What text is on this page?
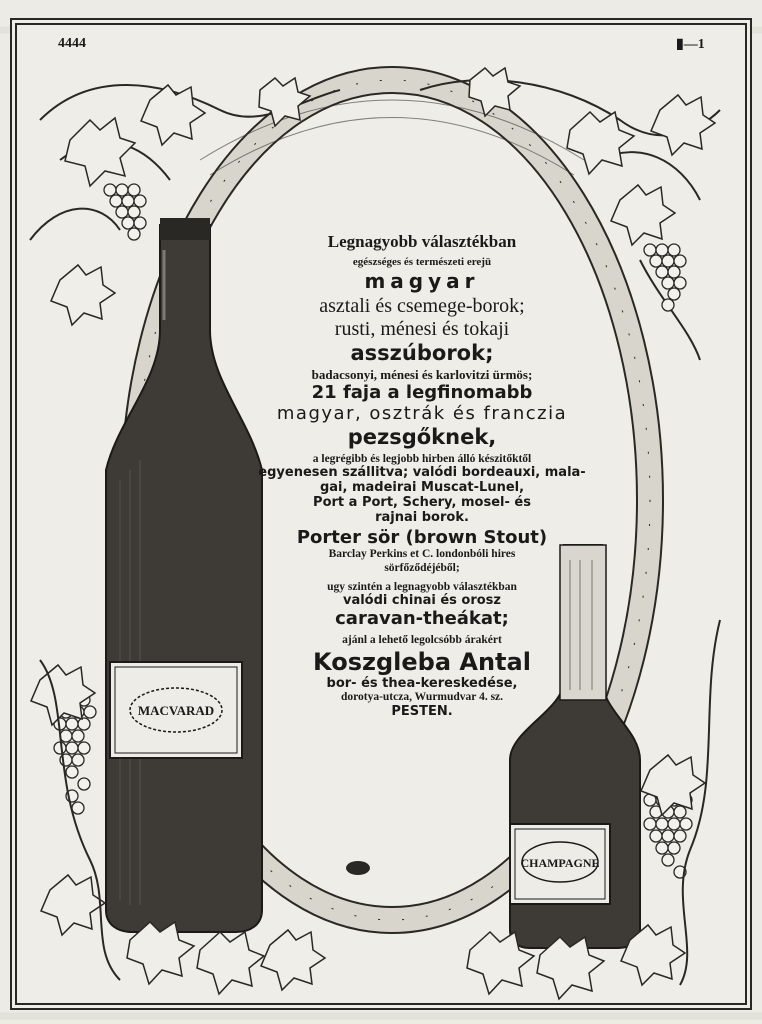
4444	▮—1
MACVARAD
CHAMPAGNE
Legnagyobb választékban
egészséges és természeti erejü
magyar
asztali és csemege-borok;
rusti, ménesi és tokaji
asszúborok;
badacsonyi, ménesi és karlovitzi ürmös;
21 faja a legfinomabb
magyar, osztrák és franczia
pezsgőknek,
a legrégibb és legjobb hirben álló készitőktől
egyenesen szállitva; valódi bordeauxi, mala-
gai, madeirai Muscat-Lunel,
Port a Port, Schery, mosel- és
rajnai borok.
Porter sör (brown Stout)
Barclay Perkins et C. londonbóli hires
sörfőződéjéből;
ugy szintén a legnagyobb választékban
valódi chinai és orosz
caravan-theákat;
ajánl a lehető legolcsóbb árakért
Koszgleba Antal
bor- és thea-kereskedése,
dorotya-utcza, Wurmudvar 4. sz.
PESTEN.
